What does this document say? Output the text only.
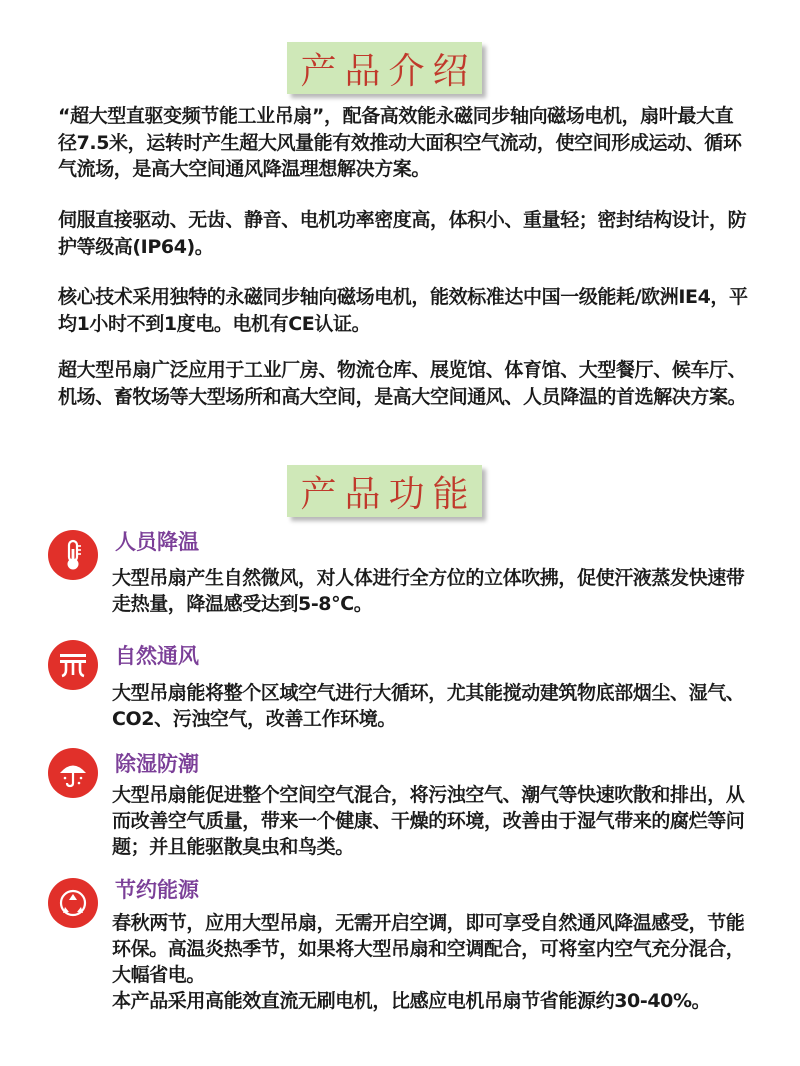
产品介绍

“超大型直驱变频节能工业吊扇”，配备高效能永磁同步轴向磁场电机，扇叶最大直径7.5米，运转时产生超大风量能有效推动大面积空气流动，使空间形成运动、循环气流场，是高大空间通风降温理想解决方案。

伺服直接驱动、无齿、静音、电机功率密度高，体积小、重量轻；密封结构设计，防护等级高(IP64)。

核心技术采用独特的永磁同步轴向磁场电机，能效标准达中国一级能耗/欧洲IE4，平均1小时不到1度电。电机有CE认证。

超大型吊扇广泛应用于工业厂房、物流仓库、展览馆、体育馆、大型餐厅、候车厅、机场、畜牧场等大型场所和高大空间，是高大空间通风、人员降温的首选解决方案。

产品功能

人员降温

大型吊扇产生自然微风，对人体进行全方位的立体吹拂，促使汗液蒸发快速带走热量，降温感受达到5-8℃。

自然通风

大型吊扇能将整个区域空气进行大循环，尤其能搅动建筑物底部烟尘、湿气、CO2、污浊空气，改善工作环境。

除湿防潮

大型吊扇能促进整个空间空气混合，将污浊空气、潮气等快速吹散和排出，从而改善空气质量，带来一个健康、干燥的环境，改善由于湿气带来的腐烂等问题；并且能驱散臭虫和鸟类。

节约能源

春秋两节，应用大型吊扇，无需开启空调，即可享受自然通风降温感受，节能环保。高温炎热季节，如果将大型吊扇和空调配合，可将室内空气充分混合，大幅省电。
本产品采用高能效直流无刷电机，比感应电机吊扇节省能源约30-40%。
